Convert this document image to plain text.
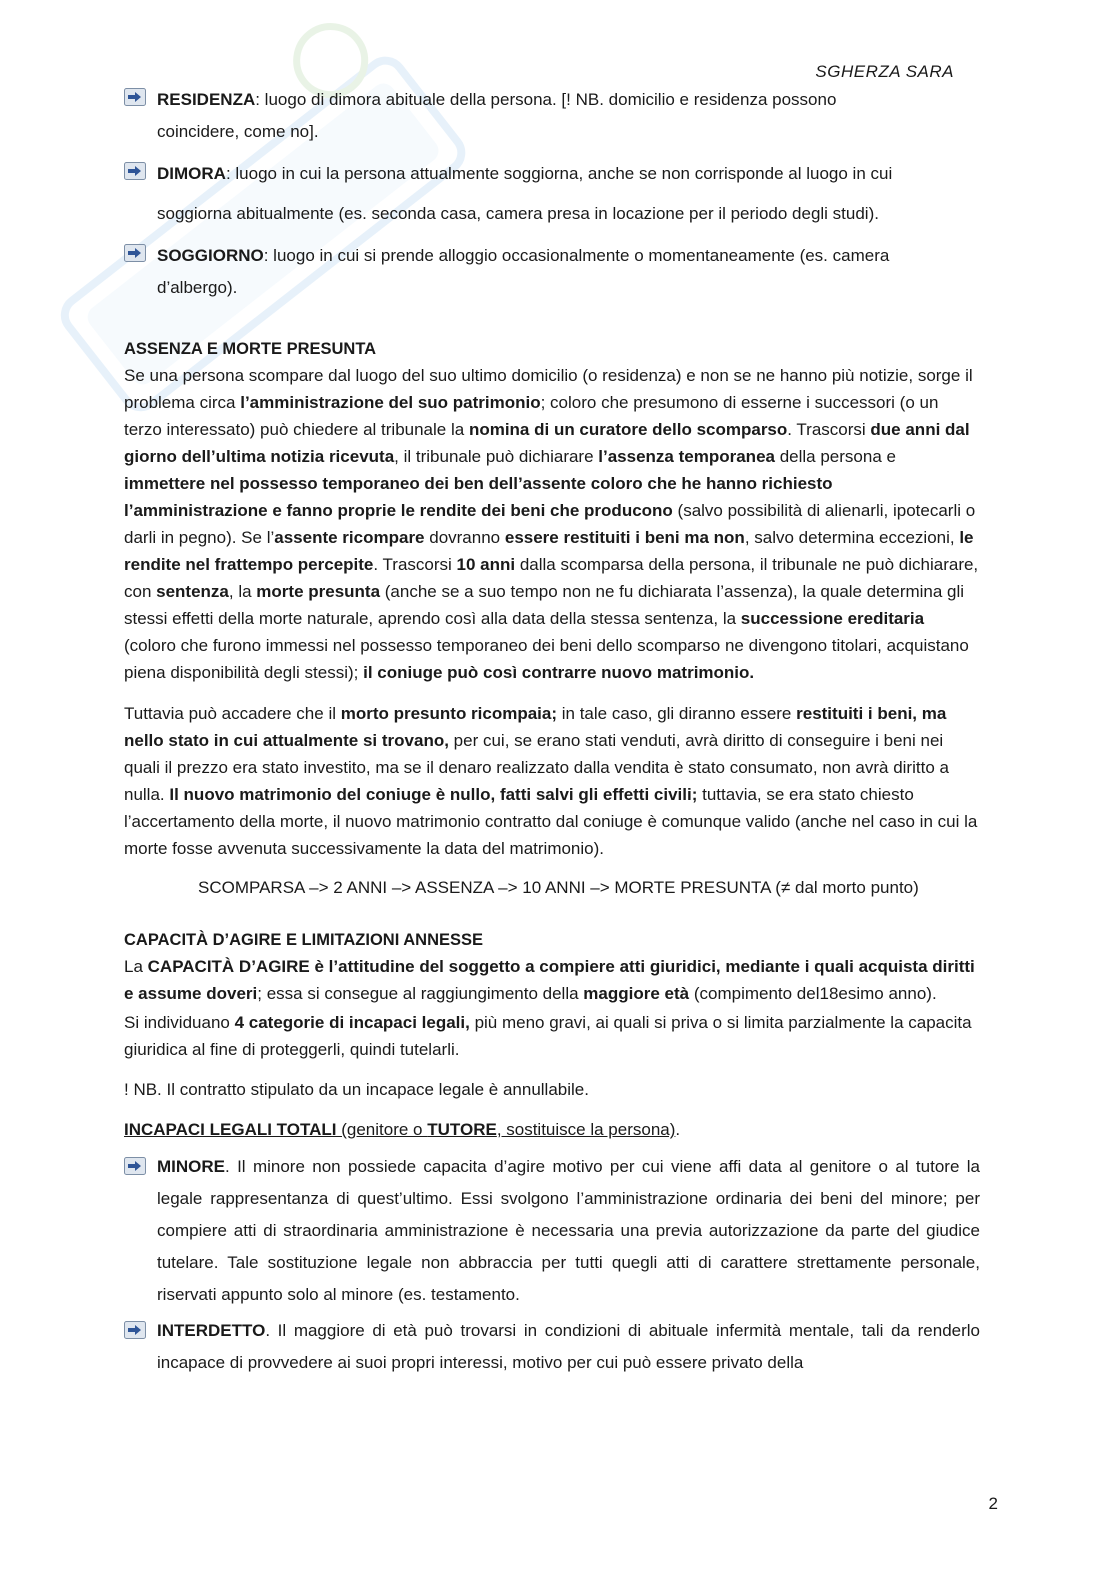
SGHERZA SARA
RESIDENZA: luogo di dimora abituale della persona. [! NB. domicilio e residenza possono
coincidere, come no].
DIMORA: luogo in cui la persona attualmente soggiorna, anche se non corrisponde al luogo in cui
soggiorna abitualmente (es. seconda casa, camera presa in locazione per il periodo degli studi).
SOGGIORNO: luogo in cui si prende alloggio occasionalmente o momentaneamente (es. camera
d’albergo).
ASSENZA E MORTE PRESUNTA
Se una persona scompare dal luogo del suo ultimo domicilio (o residenza) e non se ne hanno più notizie, sorge il problema circa l’amministrazione del suo patrimonio; coloro che presumono di esserne i successori (o un terzo interessato) può chiedere al tribunale la nomina di un curatore dello scomparso. Trascorsi due anni dal giorno dell’ultima notizia ricevuta, il tribunale può dichiarare l’assenza temporanea della persona e immettere nel possesso temporaneo dei ben dell’assente coloro che he hanno richiesto l’amministrazione e fanno proprie le rendite dei beni che producono (salvo possibilità di alienarli, ipotecarli o darli in pegno). Se l’assente ricompare dovranno essere restituiti i beni ma non, salvo determina eccezioni, le rendite nel frattempo percepite. Trascorsi 10 anni dalla scomparsa della persona, il tribunale ne può dichiarare, con sentenza, la morte presunta (anche se a suo tempo non ne fu dichiarata l’assenza), la quale determina gli stessi effetti della morte naturale, aprendo così alla data della stessa sentenza, la successione ereditaria (coloro che furono immessi nel possesso temporaneo dei beni dello scomparso ne divengono titolari, acquistano piena disponibilità degli stessi); il coniuge può così contrarre nuovo matrimonio.
Tuttavia può accadere che il morto presunto ricompaia; in tale caso, gli diranno essere restituiti i beni, ma nello stato in cui attualmente si trovano, per cui, se erano stati venduti, avrà diritto di conseguire i beni nei quali il prezzo era stato investito, ma se il denaro realizzato dalla vendita è stato consumato, non avrà diritto a nulla. Il nuovo matrimonio del coniuge è nullo, fatti salvi gli effetti civili; tuttavia, se era stato chiesto l’accertamento della morte, il nuovo matrimonio contratto dal coniuge è comunque valido (anche nel caso in cui la morte fosse avvenuta successivamente la data del matrimonio).
SCOMPARSA –> 2 ANNI –> ASSENZA –> 10 ANNI –> MORTE PRESUNTA (≠ dal morto punto)
CAPACITÀ D’AGIRE E LIMITAZIONI ANNESSE
La CAPACITÀ D’AGIRE è l’attitudine del soggetto a compiere atti giuridici, mediante i quali acquista diritti e assume doveri; essa si consegue al raggiungimento della maggiore età (compimento del18esimo anno).
Si individuano 4 categorie di incapaci legali, più meno gravi, ai quali si priva o si limita parzialmente la capacita giuridica al fine di proteggerli, quindi tutelarli.
! NB. Il contratto stipulato da un incapace legale è annullabile.
INCAPACI LEGALI TOTALI (genitore o TUTORE, sostituisce la persona).
MINORE. Il minore non possiede capacita d’agire motivo per cui viene affi data al genitore o al tutore la legale rappresentanza di quest’ultimo. Essi svolgono l’amministrazione ordinaria dei beni del minore; per compiere atti di straordinaria amministrazione è necessaria una previa autorizzazione da parte del giudice tutelare. Tale sostituzione legale non abbraccia per tutti quegli atti di carattere strettamente personale, riservati appunto solo al minore (es. testamento.
INTERDETTO. Il maggiore di età può trovarsi in condizioni di abituale infermità mentale, tali da renderlo incapace di provvedere ai suoi propri interessi, motivo per cui può essere privato della
2
